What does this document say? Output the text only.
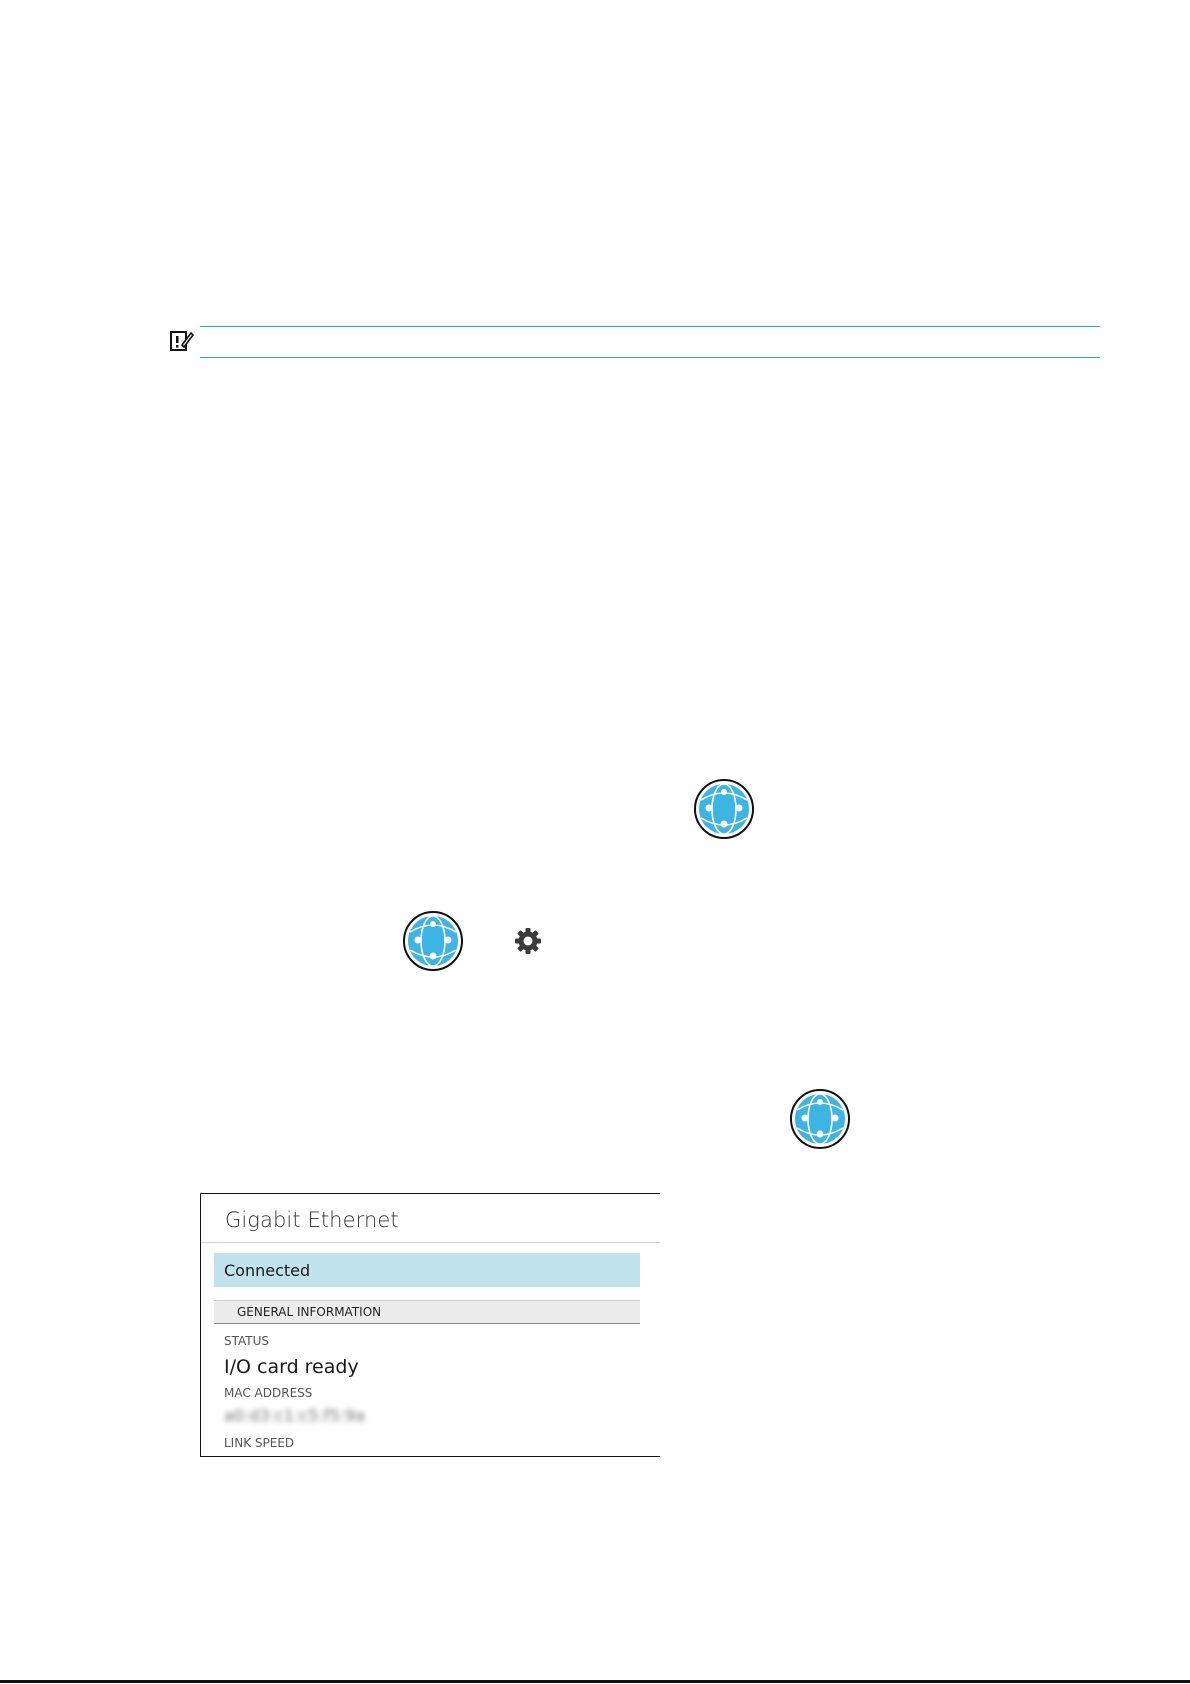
Gigabit Ethernet
Connected
GENERAL INFORMATION
STATUS
I/O card ready
MAC ADDRESS
a0:d3:c1:c5:f5:9a
LINK SPEED
